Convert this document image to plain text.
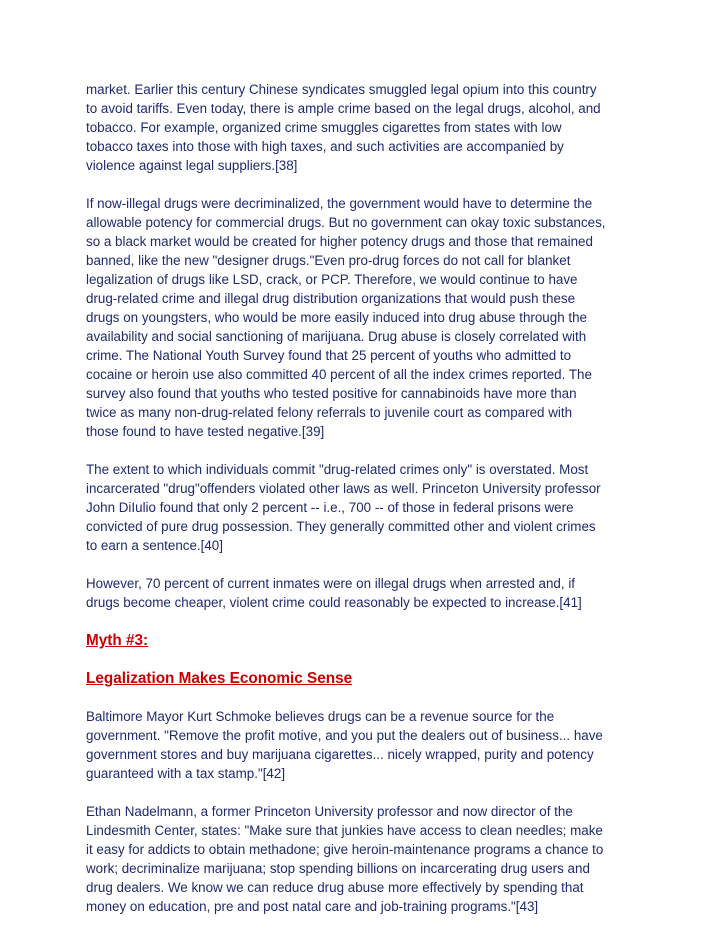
market. Earlier this century Chinese syndicates smuggled legal opium into this country
to avoid tariffs. Even today, there is ample crime based on the legal drugs, alcohol, and
tobacco. For example, organized crime smuggles cigarettes from states with low
tobacco taxes into those with high taxes, and such activities are accompanied by
violence against legal suppliers.[38]

If now-illegal drugs were decriminalized, the government would have to determine the
allowable potency for commercial drugs. But no government can okay toxic substances,
so a black market would be created for higher potency drugs and those that remained
banned, like the new "designer drugs."Even pro-drug forces do not call for blanket
legalization of drugs like LSD, crack, or PCP. Therefore, we would continue to have
drug-related crime and illegal drug distribution organizations that would push these
drugs on youngsters, who would be more easily induced into drug abuse through the
availability and social sanctioning of marijuana. Drug abuse is closely correlated with
crime. The National Youth Survey found that 25 percent of youths who admitted to
cocaine or heroin use also committed 40 percent of all the index crimes reported. The
survey also found that youths who tested positive for cannabinoids have more than
twice as many non-drug-related felony referrals to juvenile court as compared with
those found to have tested negative.[39]

The extent to which individuals commit "drug-related crimes only" is overstated. Most
incarcerated "drug"offenders violated other laws as well. Princeton University professor
John DiIulio found that only 2 percent -- i.e., 700 -- of those in federal prisons were
convicted of pure drug possession. They generally committed other and violent crimes
to earn a sentence.[40]

However, 70 percent of current inmates were on illegal drugs when arrested and, if
drugs become cheaper, violent crime could reasonably be expected to increase.[41]

Myth #3:
Legalization Makes Economic Sense

Baltimore Mayor Kurt Schmoke believes drugs can be a revenue source for the
government. "Remove the profit motive, and you put the dealers out of business... have
government stores and buy marijuana cigarettes... nicely wrapped, purity and potency
guaranteed with a tax stamp."[42]

Ethan Nadelmann, a former Princeton University professor and now director of the
Lindesmith Center, states: "Make sure that junkies have access to clean needles; make
it easy for addicts to obtain methadone; give heroin-maintenance programs a chance to
work; decriminalize marijuana; stop spending billions on incarcerating drug users and
drug dealers. We know we can reduce drug abuse more effectively by spending that
money on education, pre and post natal care and job-training programs."[43]
